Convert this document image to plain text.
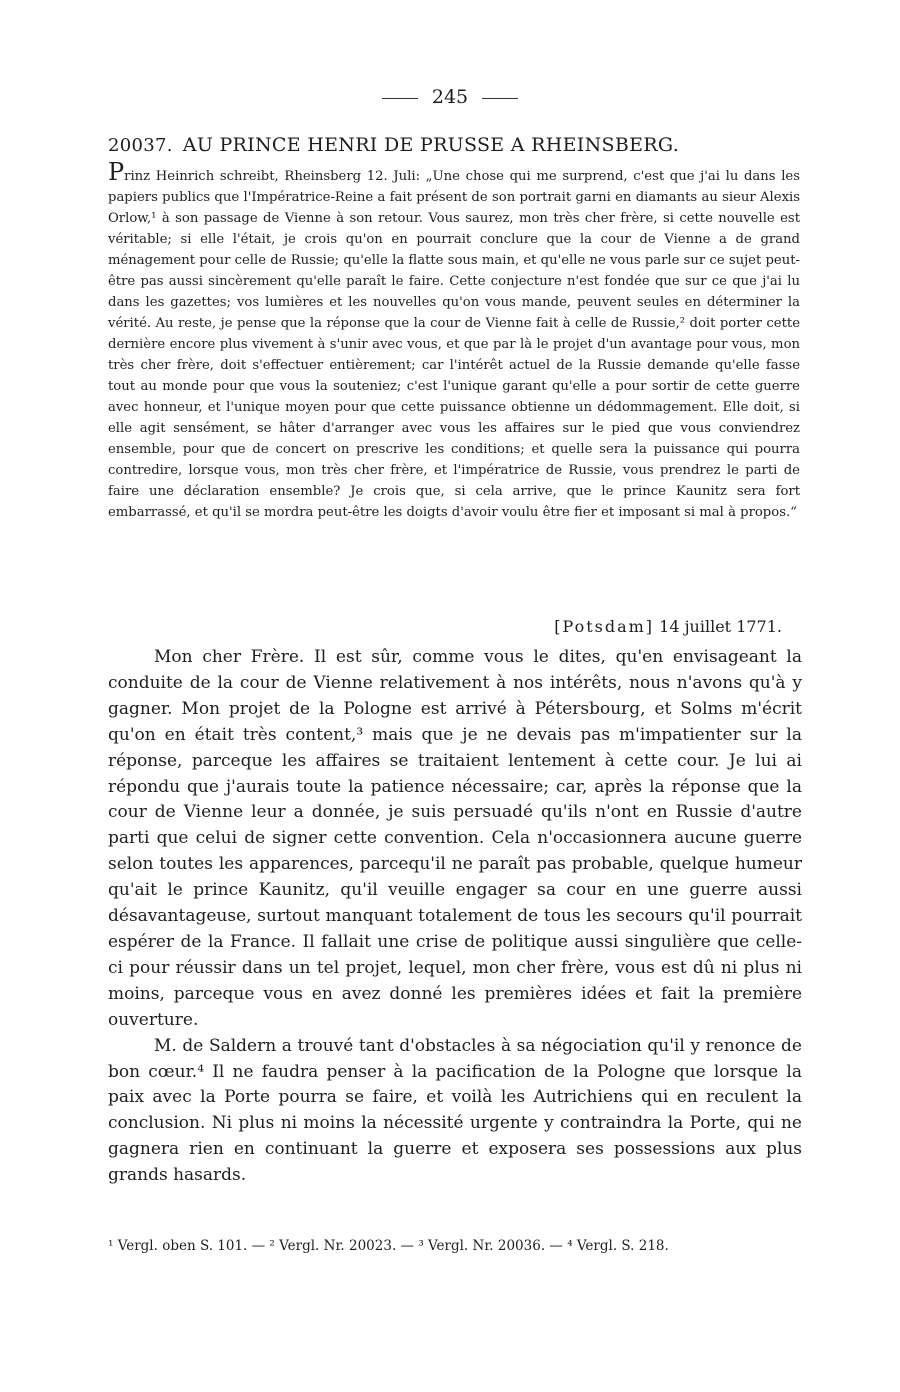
245
20037. AU PRINCE HENRI DE PRUSSE A RHEINSBERG.

Prinz Heinrich schreibt, Rheinsberg 12. Juli: „Une chose qui me surprend, c'est que j'ai lu dans les papiers publics que l'Impératrice-Reine a fait présent de son portrait garni en diamants au sieur Alexis Orlow,¹ à son passage de Vienne à son retour. Vous saurez, mon très cher frère, si cette nouvelle est véritable; si elle l'était, je crois qu'on en pourrait conclure que la cour de Vienne a de grand ménagement pour celle de Russie; qu'elle la flatte sous main, et qu'elle ne vous parle sur ce sujet peut-être pas aussi sincèrement qu'elle paraît le faire. Cette conjecture n'est fondée que sur ce que j'ai lu dans les gazettes; vos lumières et les nouvelles qu'on vous mande, peuvent seules en déterminer la vérité. Au reste, je pense que la réponse que la cour de Vienne fait à celle de Russie,² doit porter cette dernière encore plus vivement à s'unir avec vous, et que par là le projet d'un avantage pour vous, mon très cher frère, doit s'effectuer entièrement; car l'intérêt actuel de la Russie demande qu'elle fasse tout au monde pour que vous la souteniez; c'est l'unique garant qu'elle a pour sortir de cette guerre avec honneur, et l'unique moyen pour que cette puissance obtienne un dédommagement. Elle doit, si elle agit sensément, se hâter d'arranger avec vous les affaires sur le pied que vous conviendrez ensemble, pour que de concert on prescrive les conditions; et quelle sera la puissance qui pourra contredire, lorsque vous, mon très cher frère, et l'impératrice de Russie, vous prendrez le parti de faire une déclaration ensemble? Je crois que, si cela arrive, que le prince Kaunitz sera fort embarrassé, et qu'il se mordra peut-être les doigts d'avoir voulu être fier et imposant si mal à propos.“

[Potsdam] 14 juillet 1771.

Mon cher Frère. Il est sûr, comme vous le dites, qu'en envisageant la conduite de la cour de Vienne relativement à nos intérêts, nous n'avons qu'à y gagner. Mon projet de la Pologne est arrivé à Pétersbourg, et Solms m'écrit qu'on en était très content,³ mais que je ne devais pas m'impatienter sur la réponse, parceque les affaires se traitaient lentement à cette cour. Je lui ai répondu que j'aurais toute la patience nécessaire; car, après la réponse que la cour de Vienne leur a donnée, je suis persuadé qu'ils n'ont en Russie d'autre parti que celui de signer cette convention. Cela n'occasionnera aucune guerre selon toutes les apparences, parcequ'il ne paraît pas probable, quelque humeur qu'ait le prince Kaunitz, qu'il veuille engager sa cour en une guerre aussi désavantageuse, surtout manquant totalement de tous les secours qu'il pourrait espérer de la France. Il fallait une crise de politique aussi singulière que celle-ci pour réussir dans un tel projet, lequel, mon cher frère, vous est dû ni plus ni moins, parceque vous en avez donné les premières idées et fait la première ouverture.

M. de Saldern a trouvé tant d'obstacles à sa négociation qu'il y renonce de bon cœur.⁴ Il ne faudra penser à la pacification de la Pologne que lorsque la paix avec la Porte pourra se faire, et voilà les Autrichiens qui en reculent la conclusion. Ni plus ni moins la nécessité urgente y contraindra la Porte, qui ne gagnera rien en continuant la guerre et exposera ses possessions aux plus grands hasards.

¹ Vergl. oben S. 101. — ² Vergl. Nr. 20023. — ³ Vergl. Nr. 20036. — ⁴ Vergl. S. 218.
